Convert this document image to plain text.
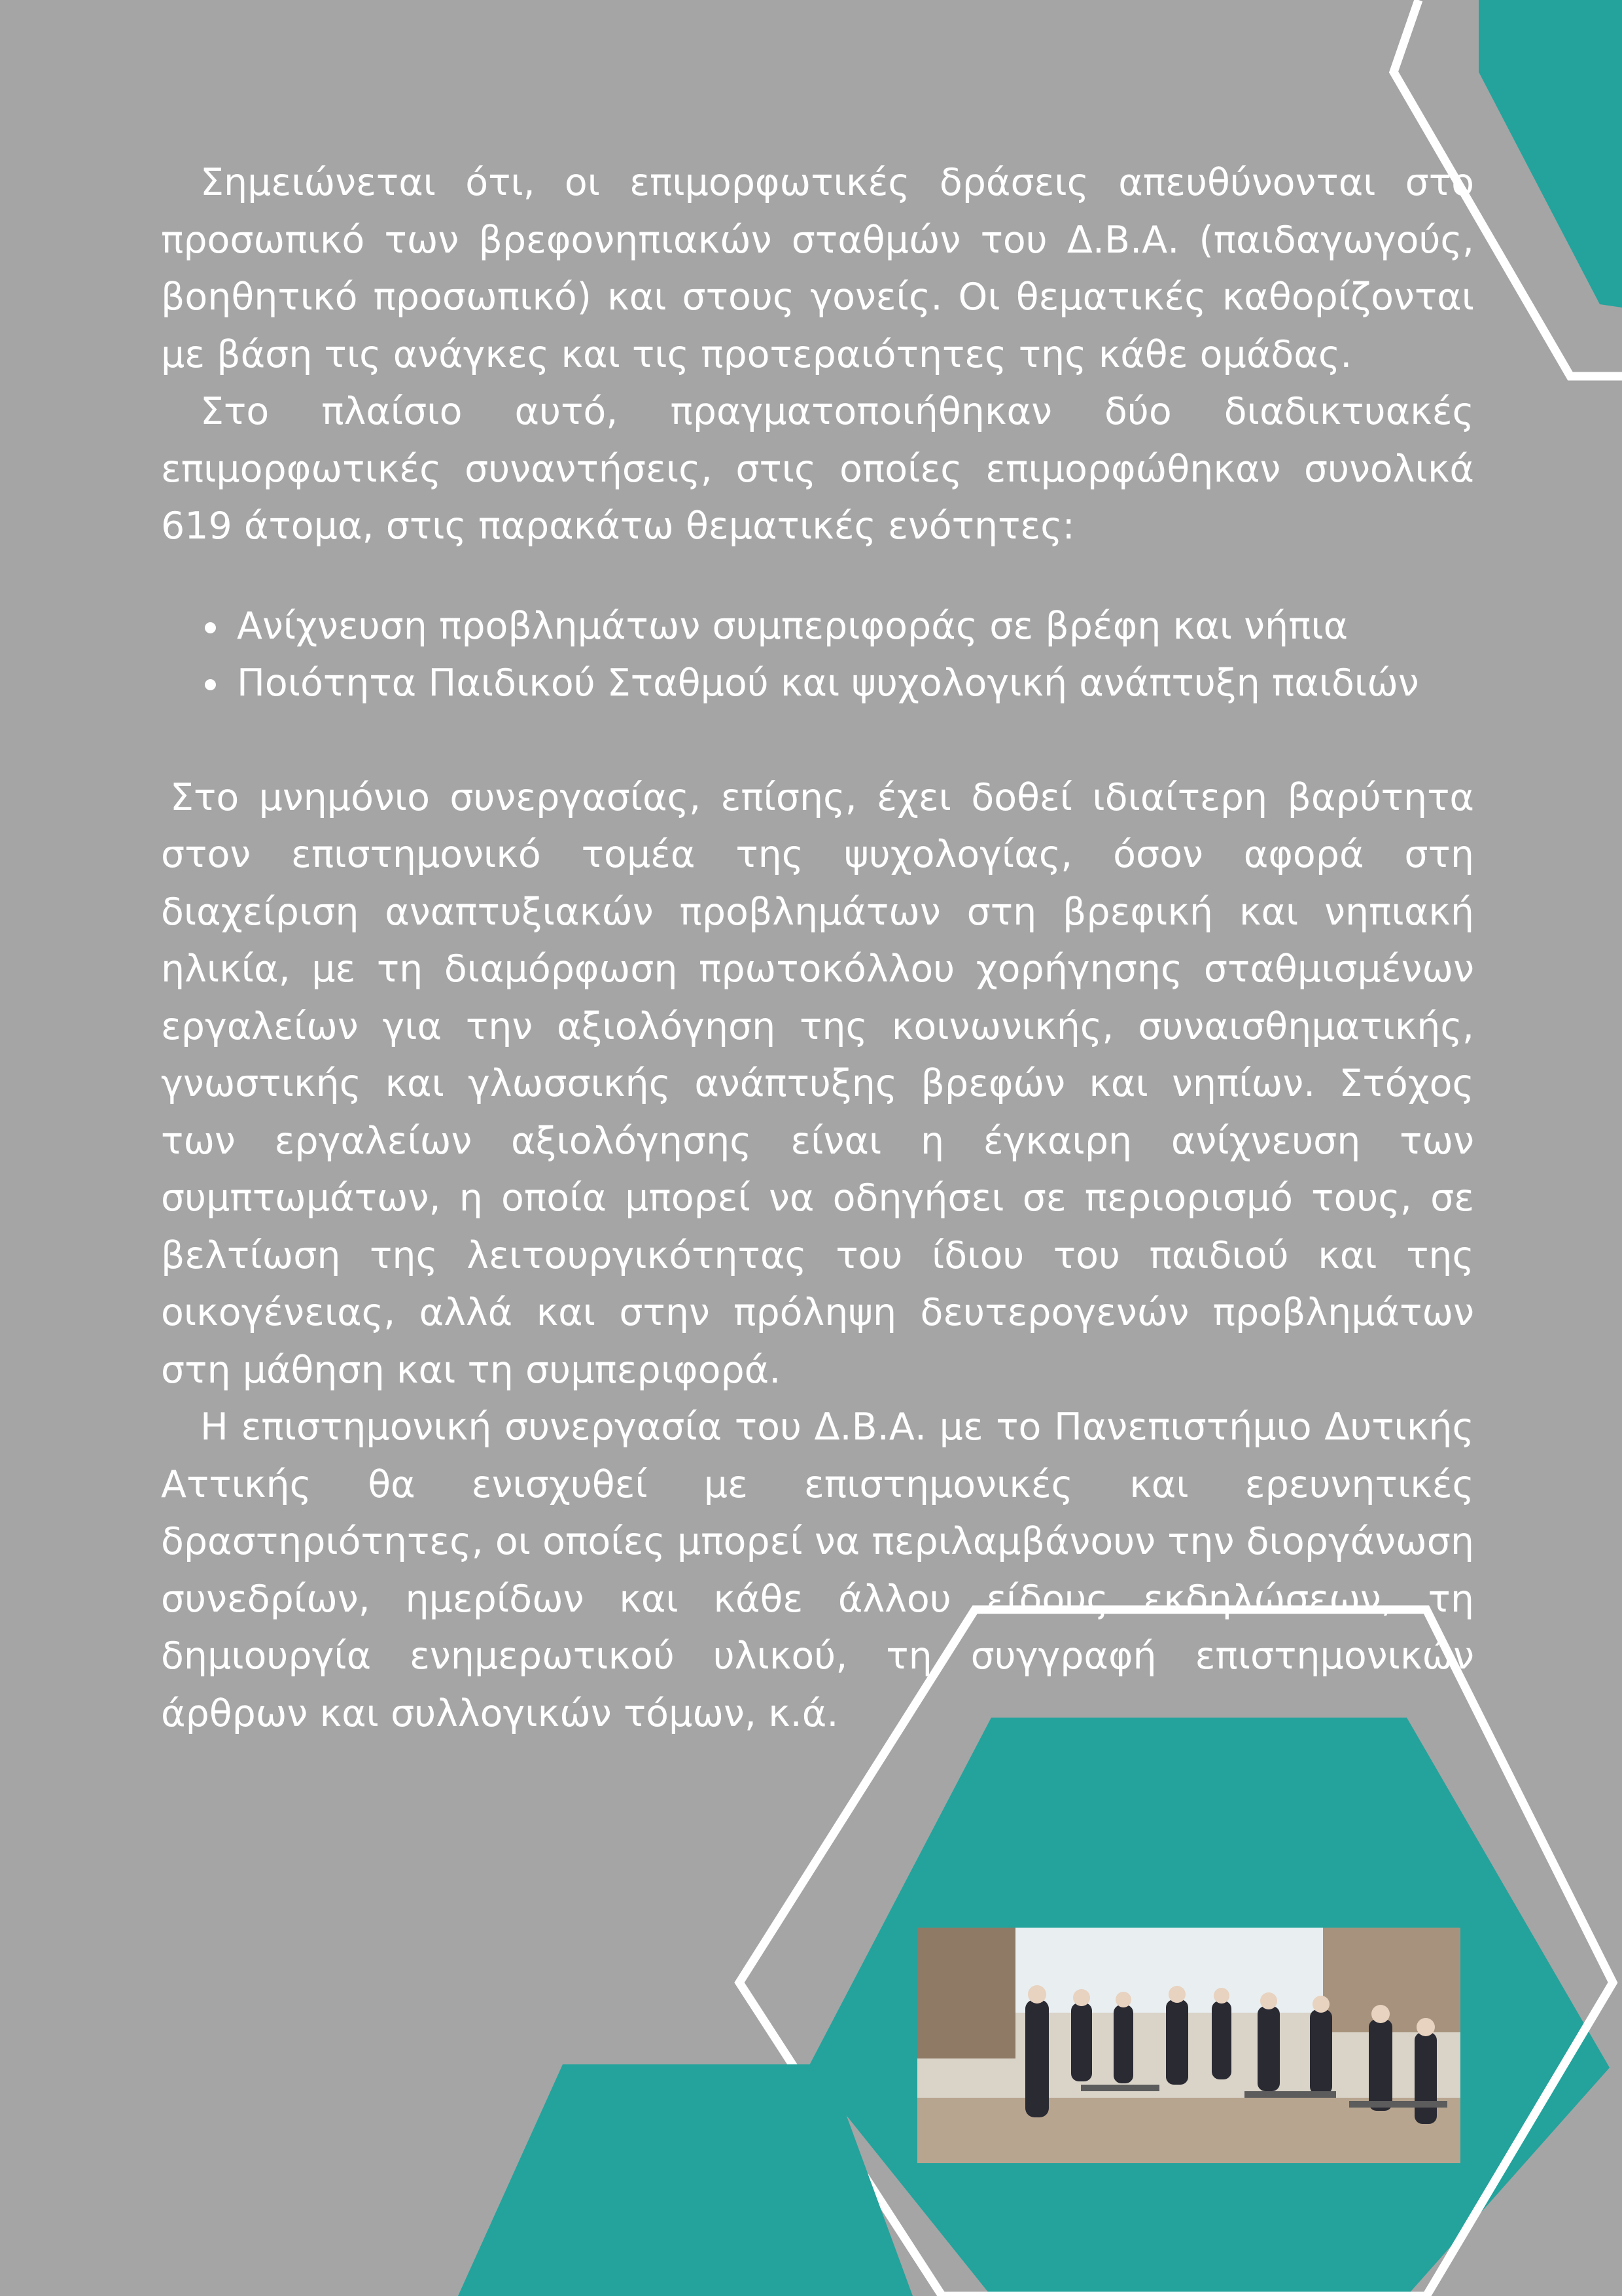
Σημειώνεται ότι, οι επιμορφωτικές δράσεις απευθύνονται στο προσωπικό των βρεφονηπιακών σταθμών του Δ.Β.Α. (παιδαγωγούς, βοηθητικό προσωπικό) και στους γονείς. Οι θεματικές καθορίζονται με βάση τις ανάγκες και τις προτεραιότητες της κάθε ομάδας.

Στο πλαίσιο αυτό, πραγματοποιήθηκαν δύο διαδικτυακές επιμορφωτικές συναντήσεις, στις οποίες επιμορφώθηκαν συνολικά 619 άτομα, στις παρακάτω θεματικές ενότητες:

• Ανίχνευση προβλημάτων συμπεριφοράς σε βρέφη και νήπια
• Ποιότητα Παιδικού Σταθμού και ψυχολογική ανάπτυξη παιδιών

Στο μνημόνιο συνεργασίας, επίσης, έχει δοθεί ιδιαίτερη βαρύτητα στον επιστημονικό τομέα της ψυχολογίας, όσον αφορά στη διαχείριση αναπτυξιακών προβλημάτων στη βρεφική και νηπιακή ηλικία, με τη διαμόρφωση πρωτοκόλλου χορήγησης σταθμισμένων εργαλείων για την αξιολόγηση της κοινωνικής, συναισθηματικής, γνωστικής και γλωσσικής ανάπτυξης βρεφών και νηπίων. Στόχος των εργαλείων αξιολόγησης είναι η έγκαιρη ανίχνευση των συμπτωμάτων, η οποία μπορεί να οδηγήσει σε περιορισμό τους, σε βελτίωση της λειτουργικότητας του ίδιου του παιδιού και της οικογένειας, αλλά και στην πρόληψη δευτερογενών προβλημάτων στη μάθηση και τη συμπεριφορά.

Η επιστημονική συνεργασία του Δ.Β.Α. με το Πανεπιστήμιο Δυτικής Αττικής θα ενισχυθεί με επιστημονικές και ερευνητικές δραστηριότητες, οι οποίες μπορεί να περιλαμβάνουν την διοργάνωση συνεδρίων, ημερίδων και κάθε άλλου είδους εκδηλώσεων, τη δημιουργία ενημερωτικού υλικού, τη συγγραφή επιστημονικών άρθρων και συλλογικών τόμων, κ.ά.
